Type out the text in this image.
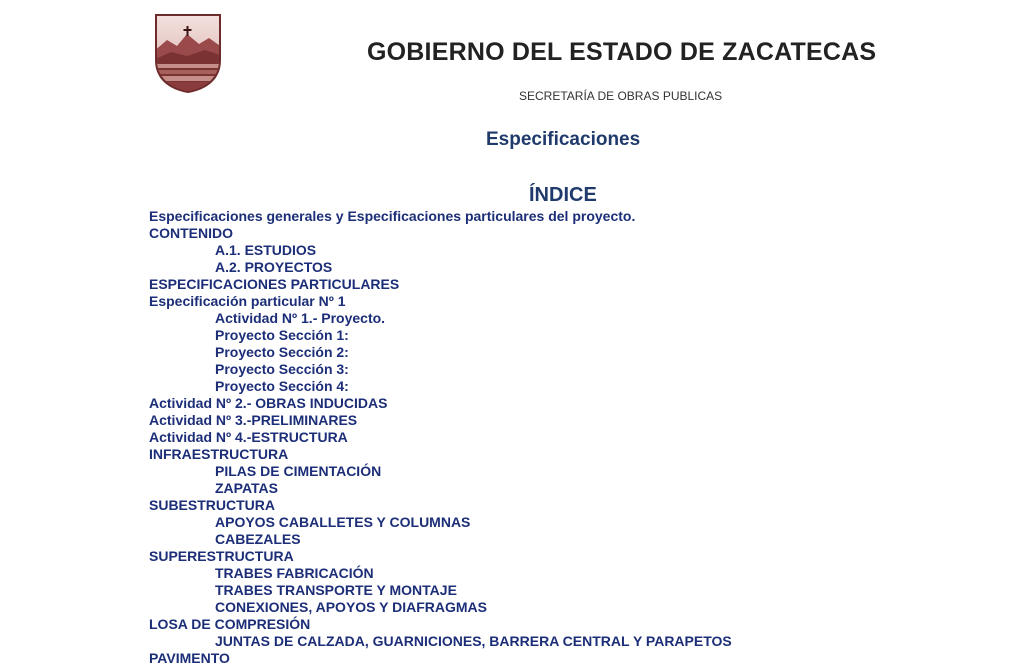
GOBIERNO DEL ESTADO DE ZACATECAS
SECRETARÍA DE OBRAS PUBLICAS
Especificaciones
ÍNDICE
Especificaciones generales y Especificaciones particulares del proyecto.
CONTENIDO
A.1. ESTUDIOS
A.2. PROYECTOS
ESPECIFICACIONES PARTICULARES
Especificación particular Nº 1
Actividad Nº 1.- Proyecto.
Proyecto Sección 1:
Proyecto Sección 2:
Proyecto Sección 3:
Proyecto Sección 4:
Actividad Nº 2.- OBRAS INDUCIDAS
Actividad Nº 3.-PRELIMINARES
Actividad Nº 4.-ESTRUCTURA
INFRAESTRUCTURA
PILAS DE CIMENTACIÓN
ZAPATAS
SUBESTRUCTURA
APOYOS CABALLETES Y COLUMNAS
CABEZALES
SUPERESTRUCTURA
TRABES FABRICACIÓN
TRABES TRANSPORTE Y MONTAJE
CONEXIONES, APOYOS Y DIAFRAGMAS
LOSA DE COMPRESIÓN
JUNTAS DE CALZADA, GUARNICIONES, BARRERA CENTRAL Y PARAPETOS
PAVIMENTO
